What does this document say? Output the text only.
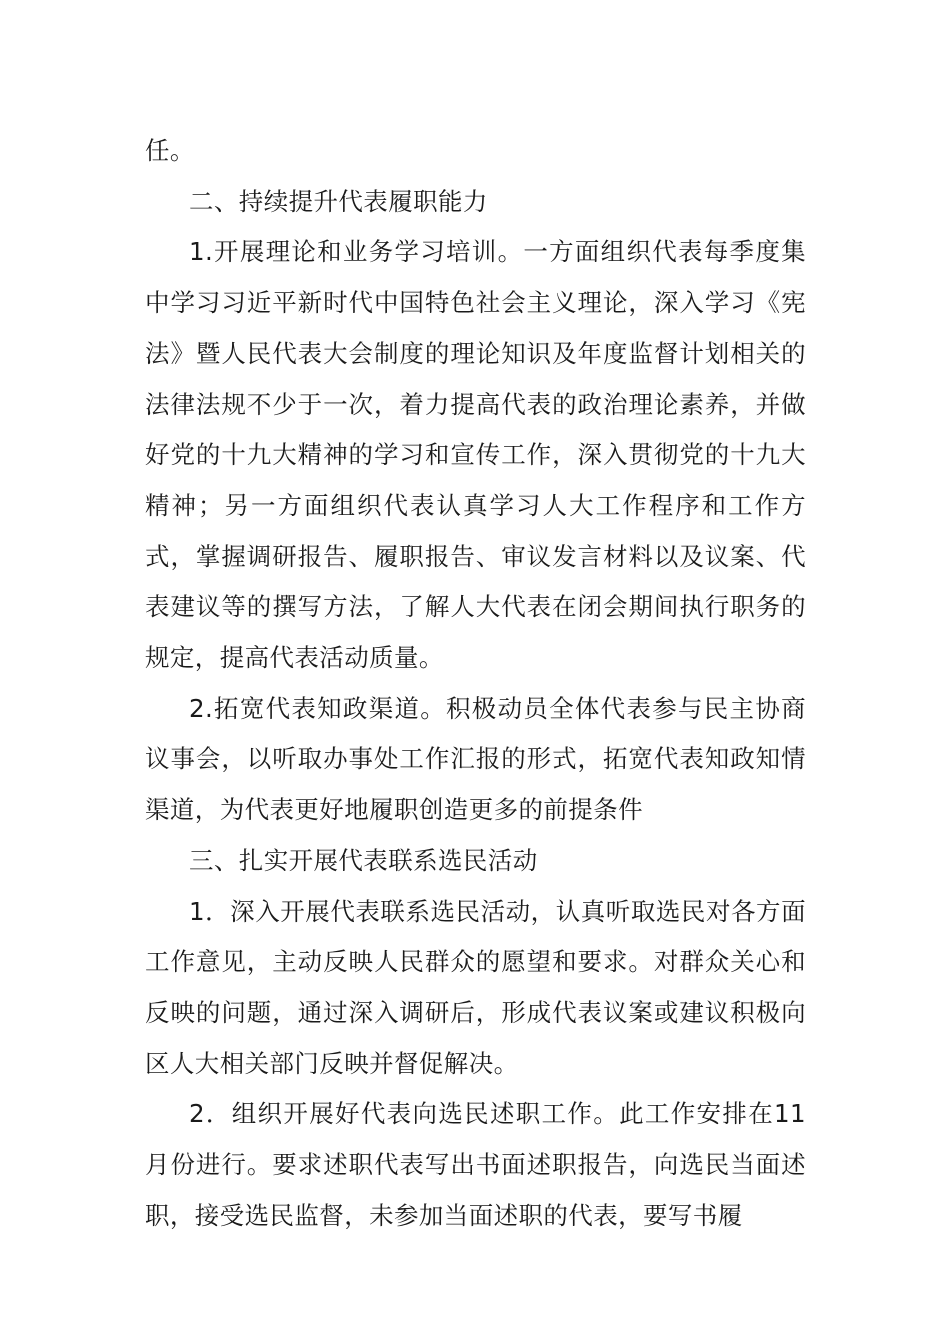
任。

二、持续提升代表履职能力

1.开展理论和业务学习培训。一方面组织代表每季度集中学习习近平新时代中国特色社会主义理论，深入学习《宪法》暨人民代表大会制度的理论知识及年度监督计划相关的法律法规不少于一次，着力提高代表的政治理论素养，并做好党的十九大精神的学习和宣传工作，深入贯彻党的十九大精神；另一方面组织代表认真学习人大工作程序和工作方式，掌握调研报告、履职报告、审议发言材料以及议案、代表建议等的撰写方法，了解人大代表在闭会期间执行职务的规定，提高代表活动质量。

2.拓宽代表知政渠道。积极动员全体代表参与民主协商议事会，以听取办事处工作汇报的形式，拓宽代表知政知情渠道，为代表更好地履职创造更多的前提条件

三、扎实开展代表联系选民活动

1．深入开展代表联系选民活动，认真听取选民对各方面工作意见，主动反映人民群众的愿望和要求。对群众关心和反映的问题，通过深入调研后，形成代表议案或建议积极向区人大相关部门反映并督促解决。

2．组织开展好代表向选民述职工作。此工作安排在11月份进行。要求述职代表写出书面述职报告，向选民当面述职，接受选民监督，未参加当面述职的代表，要写书履
